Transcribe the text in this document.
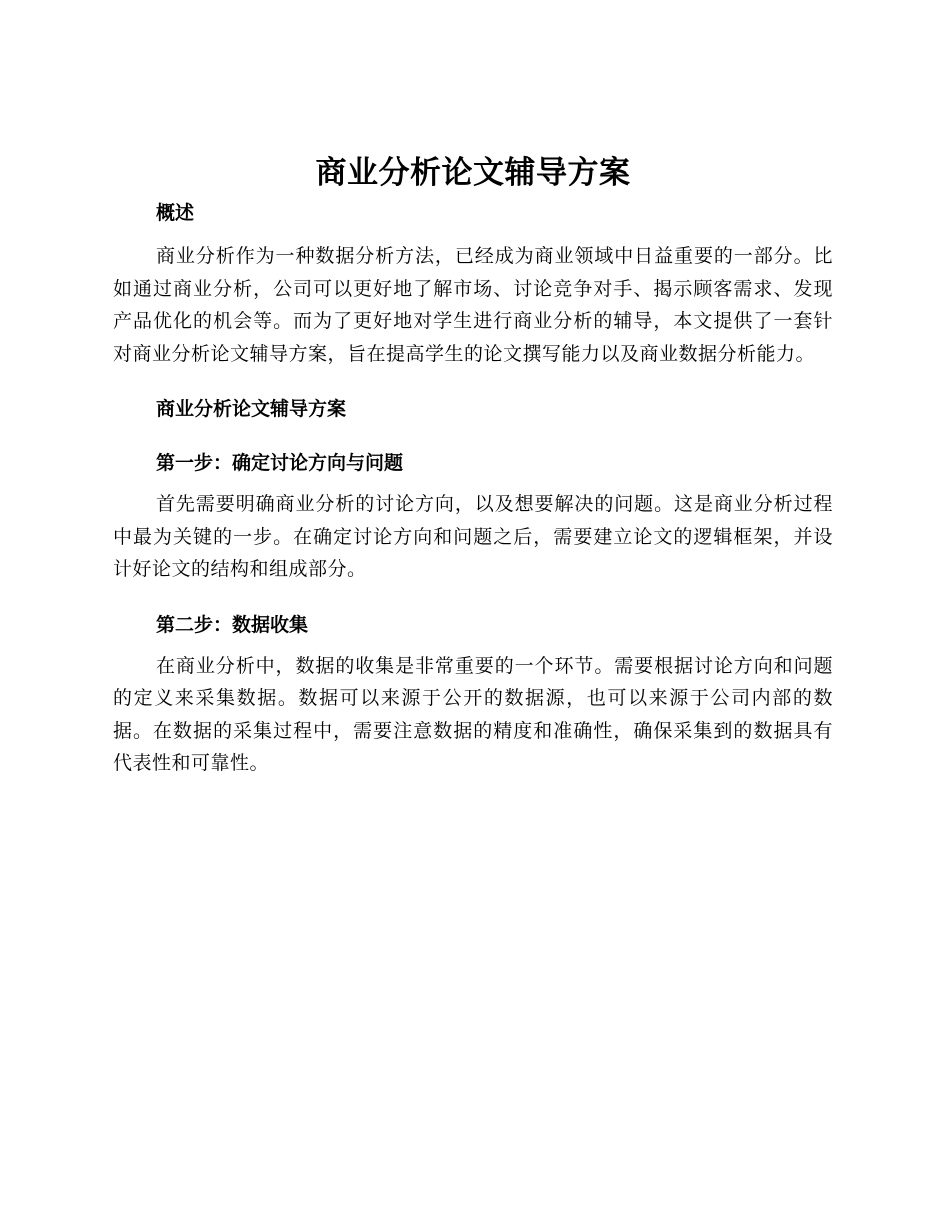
商业分析论文辅导方案
概述

商业分析作为一种数据分析方法，已经成为商业领域中日益重要的一部分。比如通过商业分析，公司可以更好地了解市场、讨论竞争对手、揭示顾客需求、发现产品优化的机会等。而为了更好地对学生进行商业分析的辅导，本文提供了一套针对商业分析论文辅导方案，旨在提高学生的论文撰写能力以及商业数据分析能力。

商业分析论文辅导方案
第一步：确定讨论方向与问题

首先需要明确商业分析的讨论方向，以及想要解决的问题。这是商业分析过程中最为关键的一步。在确定讨论方向和问题之后，需要建立论文的逻辑框架，并设计好论文的结构和组成部分。

第二步：数据收集

在商业分析中，数据的收集是非常重要的一个环节。需要根据讨论方向和问题的定义来采集数据。数据可以来源于公开的数据源，也可以来源于公司内部的数据。在数据的采集过程中，需要注意数据的精度和准确性，确保采集到的数据具有代表性和可靠性。
